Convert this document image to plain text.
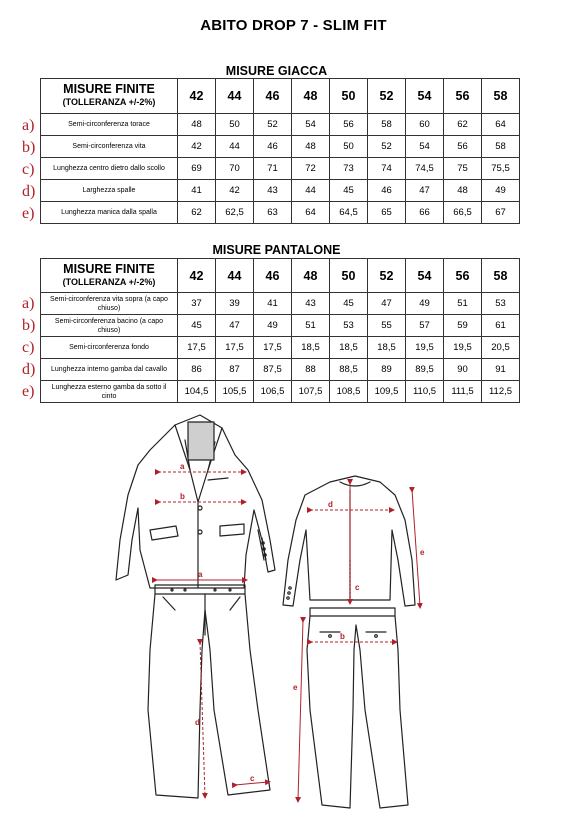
ABITO DROP 7 - SLIM FIT
MISURE GIACCA
a)
b)
c)
d)
e)
MISURE FINITE
(TOLLERANZA +/-2%)	42	44	46	48	50	52	54	56	58
Semi-circonferenza torace	48	50	52	54	56	58	60	62	64
Semi-circonferenza vita	42	44	46	48	50	52	54	56	58
Lunghezza centro dietro dallo scollo	69	70	71	72	73	74	74,5	75	75,5
Larghezza spalle	41	42	43	44	45	46	47	48	49
Lunghezza manica dalla spalla	62	62,5	63	64	64,5	65	66	66,5	67
MISURE PANTALONE
a)
b)
c)
d)
e)
MISURE FINITE
(TOLLERANZA +/-2%)	42	44	46	48	50	52	54	56	58
Semi-circonferenza vita sopra (a capo chiuso)	37	39	41	43	45	47	49	51	53
Semi-circonferenza bacino (a capo chiuso)	45	47	49	51	53	55	57	59	61
Semi-circonferenza fondo	17,5	17,5	17,5	18,5	18,5	18,5	19,5	19,5	20,5
Lunghezza interno gamba dal cavallo	86	87	87,5	88	88,5	89	89,5	90	91
Lunghezza esterno gamba da sotto il cinto	104,5	105,5	106,5	107,5	108,5	109,5	110,5	111,5	112,5
a
b
d
c
e
a
b
d
c
e
